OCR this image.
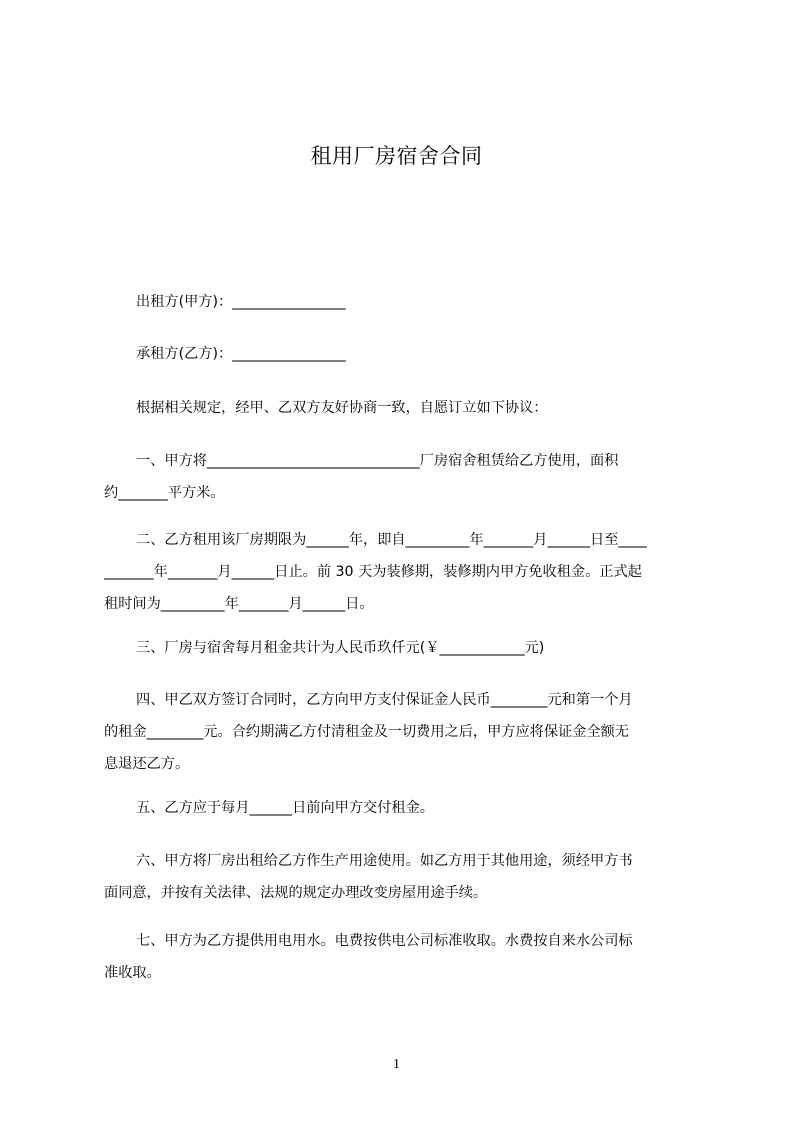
租用厂房宿舍合同
出租方(甲方)：________________
承租方(乙方)：________________
根据相关规定，经甲、乙双方友好协商一致，自愿订立如下协议：
一、甲方将______________________________厂房宿舍租赁给乙方使用，面积
约_______平方米。
二、乙方租用该厂房期限为______年，即自_________年_______月______日至____
_______年_______月______日止。前 30 天为装修期，装修期内甲方免收租金。正式起
租时间为_________年_______月______日。
三、厂房与宿舍每月租金共计为人民币玖仟元(￥____________元)
四、甲乙双方签订合同时，乙方向甲方支付保证金人民币________元和第一个月
的租金________元。合约期满乙方付清租金及一切费用之后，甲方应将保证金全额无
息退还乙方。
五、乙方应于每月______日前向甲方交付租金。
六、甲方将厂房出租给乙方作生产用途使用。如乙方用于其他用途，须经甲方书
面同意，并按有关法律、法规的规定办理改变房屋用途手续。
七、甲方为乙方提供用电用水。电费按供电公司标准收取。水费按自来水公司标
准收取。
1
